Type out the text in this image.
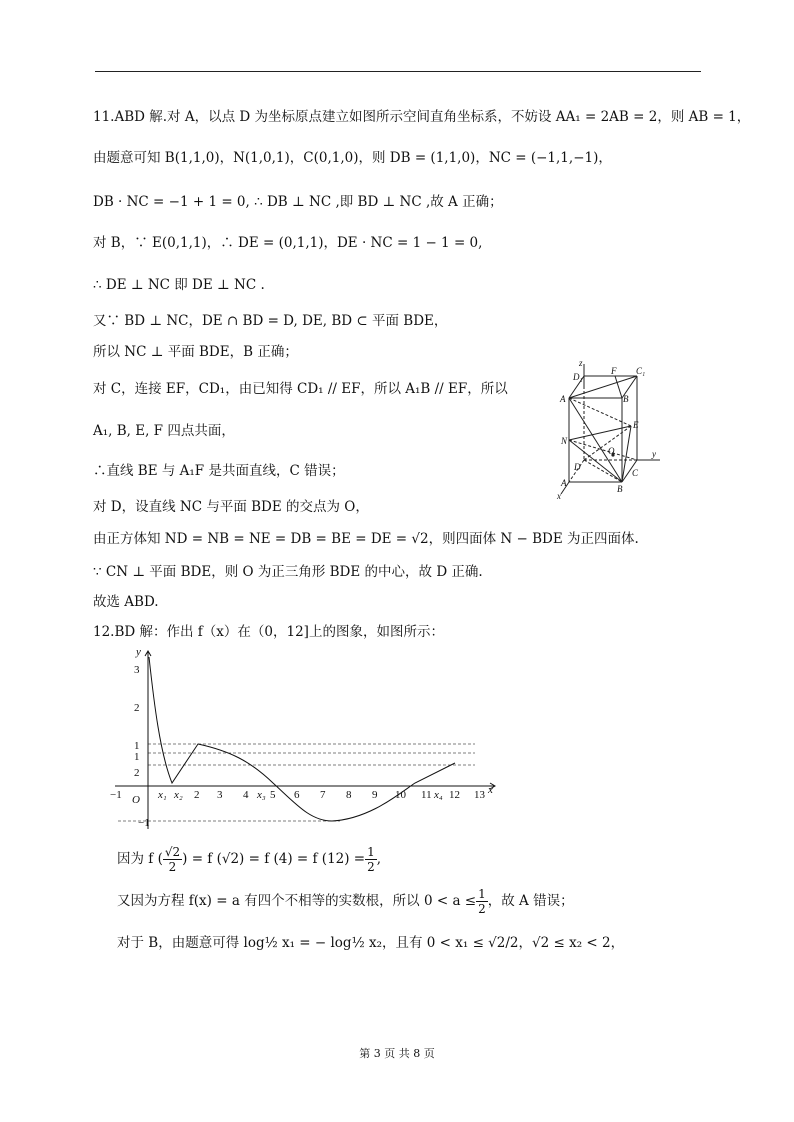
11.ABD 解.对 A，以点 D 为坐标原点建立如图所示空间直角坐标系，不妨设 AA₁ = 2AB = 2，则 AB = 1，
由题意可知 B(1,1,0)，N(1,0,1)，C(0,1,0)，则 DB = (1,1,0)，NC = (−1,1,−1)，
DB · NC = −1 + 1 = 0, ∴ DB ⊥ NC ,即 BD ⊥ NC ,故 A 正确；
对 B，∵ E(0,1,1)，∴ DE = (0,1,1)，DE · NC = 1 − 1 = 0,
∴ DE ⊥ NC 即 DE ⊥ NC .
又∵ BD ⊥ NC，DE ∩ BD = D, DE, BD ⊂ 平面 BDE，
所以 NC ⊥ 平面 BDE，B 正确；
对 C，连接 EF，CD₁，由已知得 CD₁ // EF，所以 A₁B // EF，所以
A₁, B, E, F 四点共面，
∴直线 BE 与 A₁F 是共面直线，C 错误；
对 D，设直线 NC 与平面 BDE 的交点为 O，
由正方体知 ND = NB = NE = DB = BE = DE = √2，则四面体 N − BDE 为正四面体.
∵ CN ⊥ 平面 BDE，则 O 为正三角形 BDE 的中心，故 D 正确.
故选 ABD.
z
D₁
F C₁
A	B
E
N
O
D
y
A
C
B
x
12.BD 解：作出 f（x）在（0，12]上的图象，如图所示：
y
3
2
1
1
2
−1
−1 O x₁ x₂ 2 3 4 x₃ 5 6 7 8 9 10 11 x₄ 12 13 x
因为 f ( $\frac{√2}{2}$ ) = f (√2) = f (4) = f $(12) = \frac{1}{2}$ ,
又因为方程 f(x) = a 有四个不相等的实数根，所以 $0 < a \le \frac{1}{2}$ ，故 A 错误；
对于 B，由题意可得 log½ x₁ = − log½ x₂，且有 0 < x₁ ≤ √2/2，√2 ≤ x₂ < 2，
第 3 页 共 8 页
